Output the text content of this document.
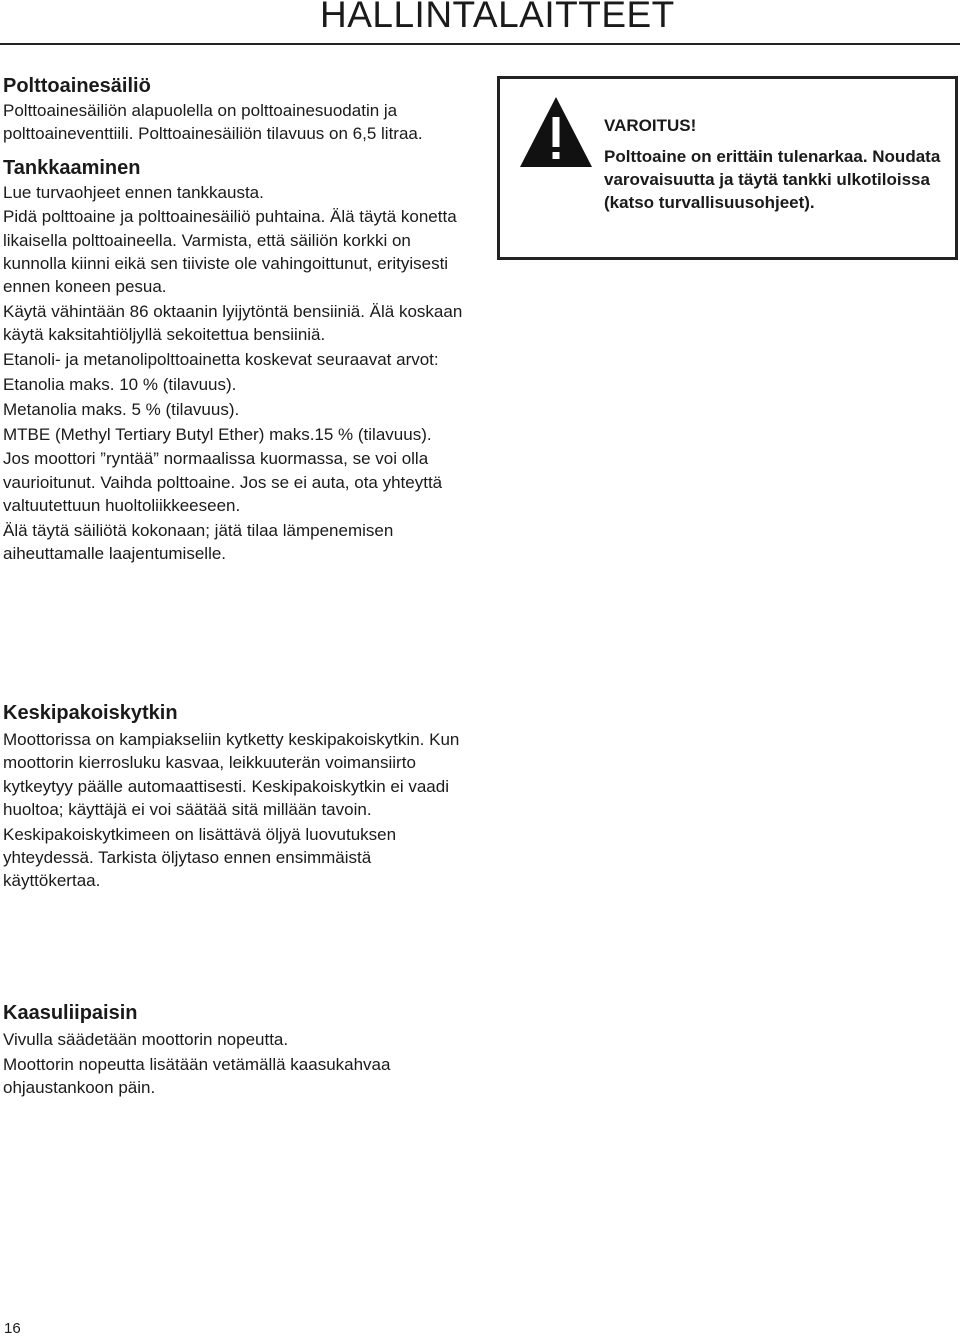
HALLINTALAITTEET
Polttoainesäiliö

Polttoainesäiliön alapuolella on polttoainesuodatin ja polttoaineventtiili. Polttoainesäiliön tilavuus on 6,5 litraa.

Tankkaaminen

Lue turvaohjeet ennen tankkausta.

Pidä polttoaine ja polttoainesäiliö puhtaina. Älä täytä konetta likaisella polttoaineella. Varmista, että säiliön korkki on kunnolla kiinni eikä sen tiiviste ole vahingoittunut, erityisesti ennen koneen pesua.

Käytä vähintään 86 oktaanin lyijytöntä bensiiniä. Älä koskaan käytä kaksitahtiöljyllä sekoitettua bensiiniä.

Etanoli- ja metanolipolttoainetta koskevat seuraavat arvot:

Etanolia maks. 10 % (tilavuus).

Metanolia maks. 5 % (tilavuus).

MTBE (Methyl Tertiary Butyl Ether) maks.15 % (tilavuus).

Jos moottori ”ryntää” normaalissa kuormassa, se voi olla vaurioitunut. Vaihda polttoaine. Jos se ei auta, ota yhteyttä valtuutettuun huoltoliikkeeseen.

Älä täytä säiliötä kokonaan; jätä tilaa lämpenemisen aiheuttamalle laajentumiselle.

VAROITUS!
Polttoaine on erittäin tulenarkaa. Noudata varovaisuutta ja täytä tankki ulkotiloissa (katso turvallisuusohjeet).
Keskipakoiskytkin

Moottorissa on kampiakseliin kytketty keskipakoiskytkin. Kun moottorin kierrosluku kasvaa, leikkuuterän voimansiirto kytkeytyy päälle automaattisesti. Keskipakoiskytkin ei vaadi huoltoa; käyttäjä ei voi säätää sitä millään tavoin.

Keskipakoiskytkimeen on lisättävä öljyä luovutuksen yhteydessä. Tarkista öljytaso ennen ensimmäistä käyttökertaa.

Kaasuliipaisin

Vivulla säädetään moottorin nopeutta.

Moottorin nopeutta lisätään vetämällä kaasukahvaa ohjaustankoon päin.

16
